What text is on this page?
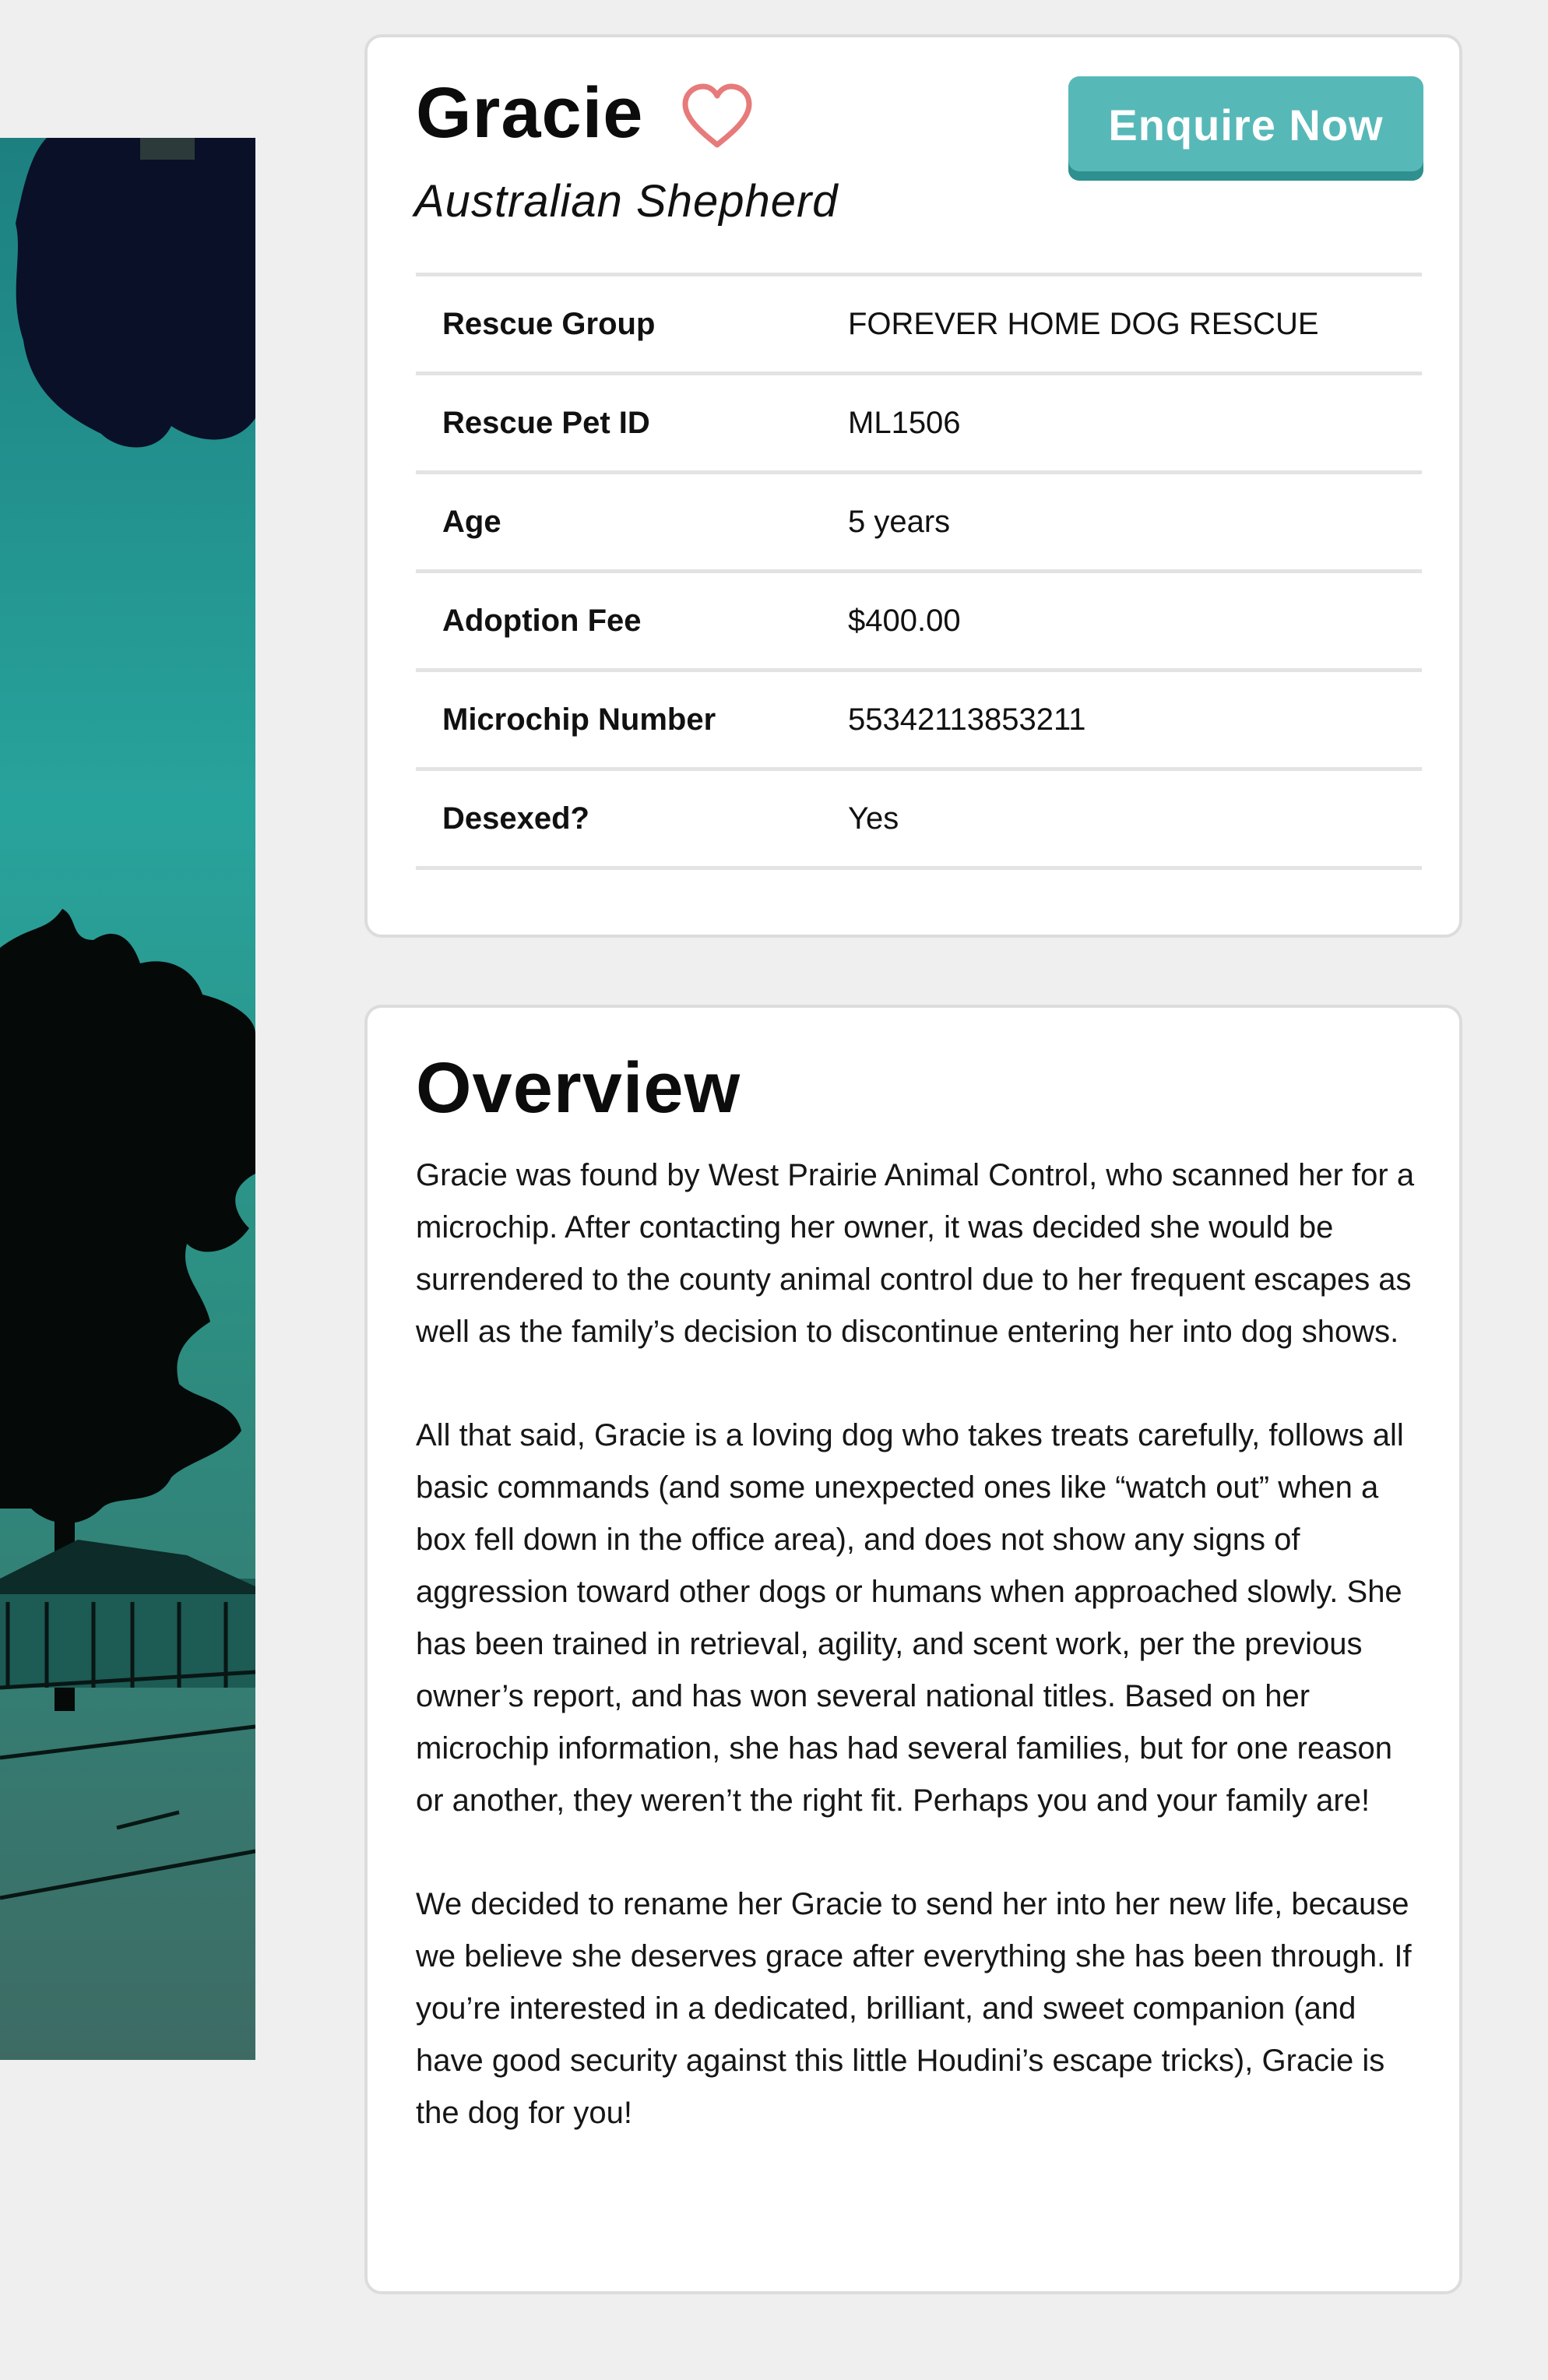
Gracie
Australian Shepherd
Enquire Now
Rescue Group	FOREVER HOME DOG RESCUE
Rescue Pet ID	ML1506
Age	5 years
Adoption Fee	$400.00
Microchip Number	55342113853211
Desexed?	Yes
Overview

Gracie was found by West Prairie Animal Control, who scanned her for a microchip. After contacting her owner, it was decided she would be surrendered to the county animal control due to her frequent escapes as well as the family’s decision to discontinue entering her into dog shows.

All that said, Gracie is a loving dog who takes treats carefully, follows all basic commands (and some unexpected ones like “watch out” when a box fell down in the office area), and does not show any signs of aggression toward other dogs or humans when approached slowly. She has been trained in retrieval, agility, and scent work, per the previous owner’s report, and has won several national titles. Based on her microchip information, she has had several families, but for one reason or another, they weren’t the right fit. Perhaps you and your family are!

We decided to rename her Gracie to send her into her new life, because we believe she deserves grace after everything she has been through. If you’re interested in a dedicated, brilliant, and sweet companion (and have good security against this little Houdini’s escape tricks), Gracie is the dog for you!
